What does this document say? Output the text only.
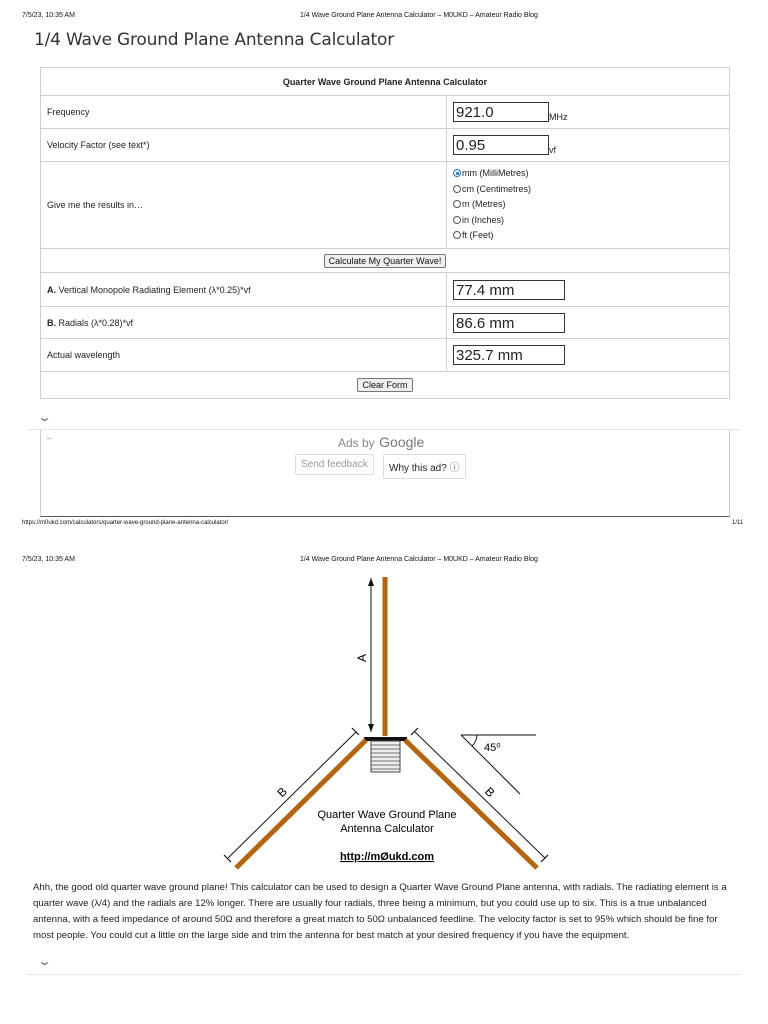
7/5/23, 10:35 AM	1/4 Wave Ground Plane Antenna Calculator – M0UKD – Amateur Radio Blog
1/4 Wave Ground Plane Antenna Calculator
Quarter Wave Ground Plane Antenna Calculator	
Frequency	921.0 MHz
Velocity Factor (see text*)	0.95 vf
Give me the results in…	mm (MilliMetres)
cm (Centimetres)
m (Metres)
in (Inches)
ft (Feet)

Calculate My Quarter Wave!	
A. Vertical Monopole Radiating Element (λ*0.25)*vf	77.4 mm
B. Radials (λ*0.28)*vf	86.6 mm
Actual wavelength	325.7 mm
Clear Form	
⌄
←	Ads by Google
Send feedback	Why this ad? ⓘ
https://m0ukd.com/calculators/quarter-wave-ground-plane-antenna-calculator/	1/11
7/5/23, 10:35 AM	1/4 Wave Ground Plane Antenna Calculator – M0UKD – Amateur Radio Blog
A
B	B
45⁰
Quarter Wave Ground Plane
Antenna Calculator
http://mØukd.com
Ahh, the good old quarter wave ground plane! This calculator can be used to design a Quarter Wave Ground Plane antenna, with radials. The radiating element is a quarter wave (λ/4) and the radials are 12% longer. There are usually four radials, three being a minimum, but you could use up to six. This is a true unbalanced antenna, with a feed impedance of around 50Ω and therefore a great match to 50Ω unbalanced feedline. The velocity factor is set to 95% which should be fine for most people. You could cut a little on the large side and trim the antenna for best match at your desired frequency if you have the equipment.
⌄
